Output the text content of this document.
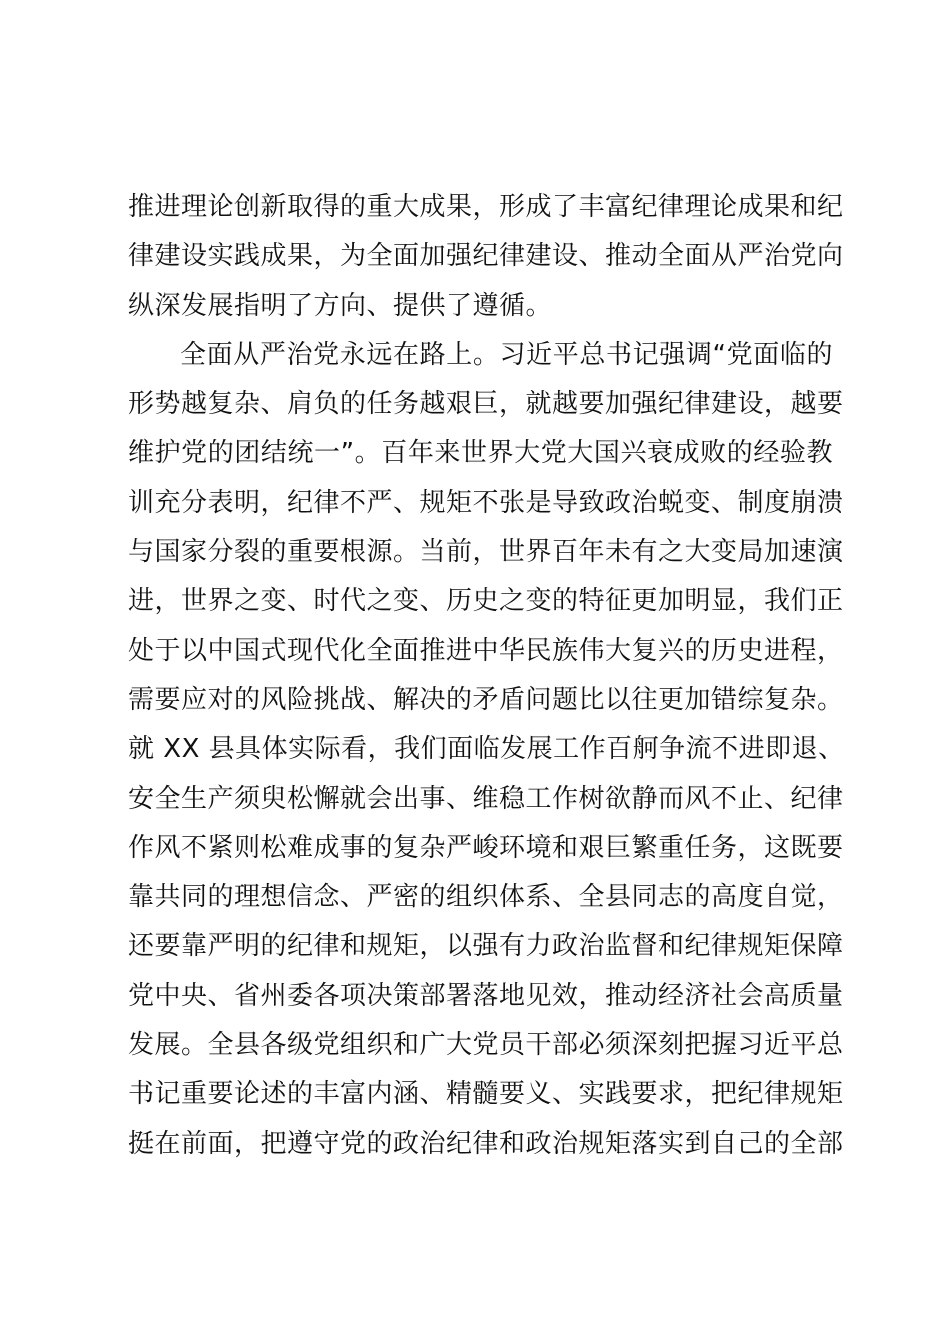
推进理论创新取得的重大成果，形成了丰富纪律理论成果和纪
律建设实践成果，为全面加强纪律建设、推动全面从严治党向
纵深发展指明了方向、提供了遵循。
全面从严治党永远在路上。习近平总书记强调“党面临的
形势越复杂、肩负的任务越艰巨，就越要加强纪律建设，越要
维护党的团结统一”。百年来世界大党大国兴衰成败的经验教
训充分表明，纪律不严、规矩不张是导致政治蜕变、制度崩溃
与国家分裂的重要根源。当前，世界百年未有之大变局加速演
进，世界之变、时代之变、历史之变的特征更加明显，我们正
处于以中国式现代化全面推进中华民族伟大复兴的历史进程，
需要应对的风险挑战、解决的矛盾问题比以往更加错综复杂。
就 XX 县具体实际看，我们面临发展工作百舸争流不进即退、
安全生产须臾松懈就会出事、维稳工作树欲静而风不止、纪律
作风不紧则松难成事的复杂严峻环境和艰巨繁重任务，这既要
靠共同的理想信念、严密的组织体系、全县同志的高度自觉，
还要靠严明的纪律和规矩，以强有力政治监督和纪律规矩保障
党中央、省州委各项决策部署落地见效，推动经济社会高质量
发展。全县各级党组织和广大党员干部必须深刻把握习近平总
书记重要论述的丰富内涵、精髓要义、实践要求，把纪律规矩
挺在前面，把遵守党的政治纪律和政治规矩落实到自己的全部
